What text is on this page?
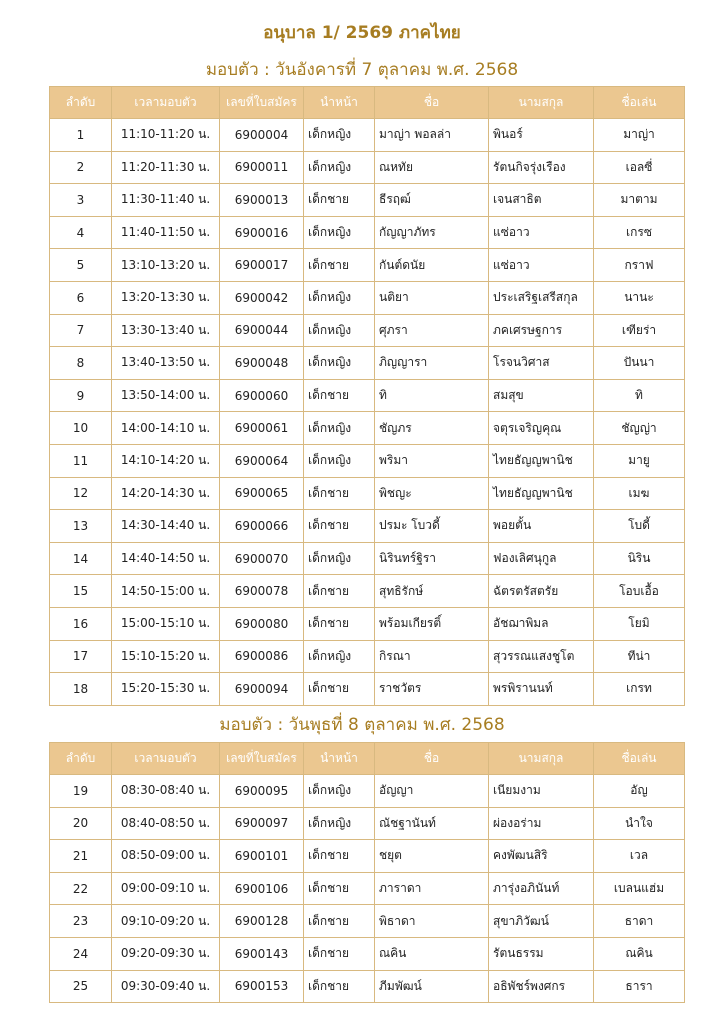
อนุบาล 1/ 2569 ภาคไทย
มอบตัว : วันอังคารที่ 7 ตุลาคม พ.ศ. 2568
ลำดับ	เวลามอบตัว	เลขที่ใบสมัคร	นำหน้า	ชื่อ	นามสกุล	ชื่อเล่น
1	11:10-11:20 น.	6900004	เด็กหญิง	มาญ่า พอลล่า	พินอร์	มาญ่า
2	11:20-11:30 น.	6900011	เด็กหญิง	ณหทัย	รัตนกิจรุ่งเรือง	เอลซี่
3	11:30-11:40 น.	6900013	เด็กชาย	ธีรฤฒ์	เจนสาธิต	มาตาม
4	11:40-11:50 น.	6900016	เด็กหญิง	กัญญาภัทร	แซ่อาว	เกรซ
5	13:10-13:20 น.	6900017	เด็กชาย	กันต์ดนัย	แซ่อาว	กราฟ
6	13:20-13:30 น.	6900042	เด็กหญิง	นติยา	ประเสริฐเสรีสกุล	นานะ
7	13:30-13:40 น.	6900044	เด็กหญิง	ศุภรา	ภคเศรษฐการ	เฑียร่า
8	13:40-13:50 น.	6900048	เด็กหญิง	ภิญญารา	โรจนวิศาส	ปันนา
9	13:50-14:00 น.	6900060	เด็กชาย	ทิ	สมสุข	ทิ
10	14:00-14:10 น.	6900061	เด็กหญิง	ชัญภร	จตุรเจริญคุณ	ชัญญ่า
11	14:10-14:20 น.	6900064	เด็กหญิง	พริมา	ไทยธัญญพานิช	มายู
12	14:20-14:30 น.	6900065	เด็กชาย	พิชญะ	ไทยธัญญพานิช	เมฆ
13	14:30-14:40 น.	6900066	เด็กชาย	ปรมะ โบวดี้	พอยตั้น	โบดี้
14	14:40-14:50 น.	6900070	เด็กหญิง	นิรินทร์ฐิรา	ฟองเลิศนุกูล	นิริน
15	14:50-15:00 น.	6900078	เด็กชาย	สุทธิรักษ์	ฉัตรตรัสตรัย	โอบเอื้อ
16	15:00-15:10 น.	6900080	เด็กชาย	พร้อมเกียรติ์	อัชฌาพิมล	โยมิ
17	15:10-15:20 น.	6900086	เด็กหญิง	กิรณา	สุวรรณแสงชูโต	ทีน่า
18	15:20-15:30 น.	6900094	เด็กชาย	ราชวัตร	พรพิรานนท์	เกรท
มอบตัว : วันพุธที่ 8 ตุลาคม พ.ศ. 2568
ลำดับ	เวลามอบตัว	เลขที่ใบสมัคร	นำหน้า	ชื่อ	นามสกุล	ชื่อเล่น
19	08:30-08:40 น.	6900095	เด็กหญิง	อัญญา	เนียมงาม	อัญ
20	08:40-08:50 น.	6900097	เด็กหญิง	ณัชฐานันท์	ผ่องอร่าม	นำใจ
21	08:50-09:00 น.	6900101	เด็กชาย	ชยุต	คงพัฒนสิริ	เวล
22	09:00-09:10 น.	6900106	เด็กชาย	ภาราดา	ภารุ่งอภินันท์	เบลนแฮ่ม
23	09:10-09:20 น.	6900128	เด็กชาย	พิธาดา	สุขาภิวัฒน์	ธาดา
24	09:20-09:30 น.	6900143	เด็กชาย	ณคิน	รัตนธรรม	ณคิน
25	09:30-09:40 น.	6900153	เด็กชาย	ภีมพัฒน์	อธิพัชร์พงศกร	ธารา
